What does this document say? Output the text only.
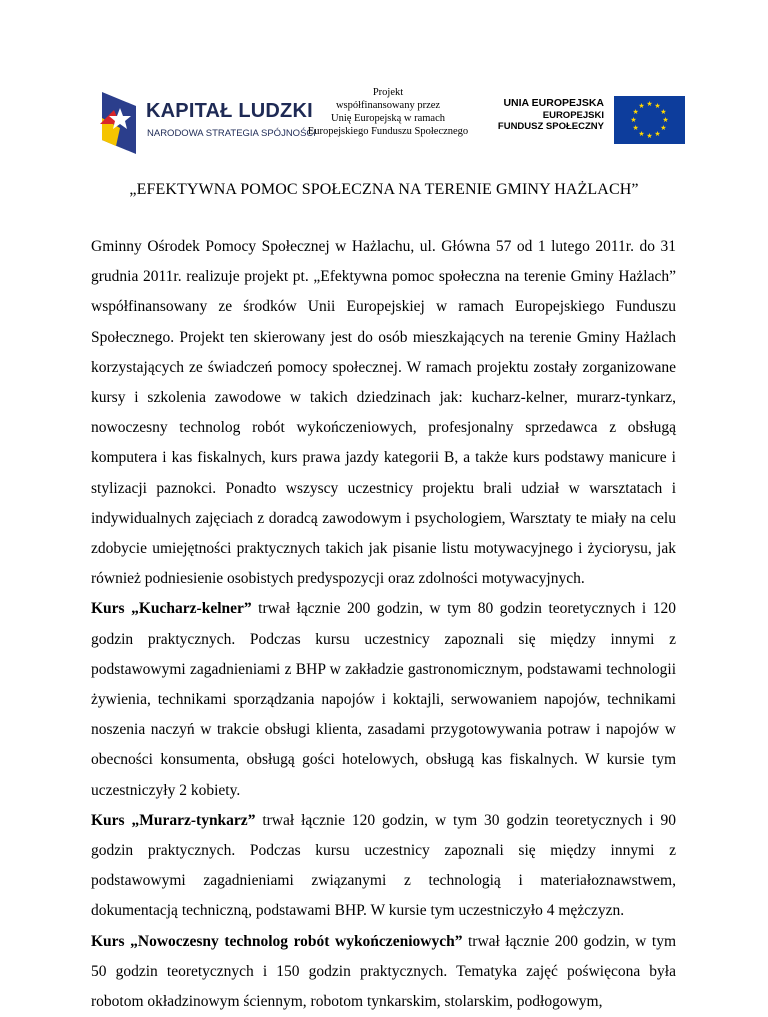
KAPITAŁ LUDZKI
NARODOWA STRATEGIA SPÓJNOŚCI
Projekt
współfinansowany przez
Unię Europejską w ramach
Europejskiego Funduszu Społecznego
UNIA EUROPEJSKA
EUROPEJSKI
FUNDUSZ SPOŁECZNY
★ ★
★
★
★
★
★
★
★
★
★
★
„EFEKTYWNA POMOC SPOŁECZNA NA TERENIE GMINY HAŻLACH”

Gminny Ośrodek Pomocy Społecznej w Hażlachu, ul. Główna 57 od 1 lutego 2011r. do 31 grudnia 2011r. realizuje projekt pt. „Efektywna pomoc społeczna na terenie Gminy Hażlach” współfinansowany ze środków Unii Europejskiej w ramach Europejskiego Funduszu Społecznego. Projekt ten skierowany jest do osób mieszkających na terenie Gminy Hażlach korzystających ze świadczeń pomocy społecznej. W ramach projektu zostały zorganizowane kursy i szkolenia zawodowe w takich dziedzinach jak: kucharz-kelner, murarz-tynkarz, nowoczesny technolog robót wykończeniowych, profesjonalny sprzedawca z obsługą komputera i kas fiskalnych, kurs prawa jazdy kategorii B, a także kurs podstawy manicure i stylizacji paznokci. Ponadto wszyscy uczestnicy projektu brali udział w warsztatach i indywidualnych zajęciach z doradcą zawodowym i psychologiem, Warsztaty te miały na celu zdobycie umiejętności praktycznych takich jak pisanie listu motywacyjnego i życiorysu, jak również podniesienie osobistych predyspozycji oraz zdolności motywacyjnych.

Kurs „Kucharz-kelner” trwał łącznie 200 godzin, w tym 80 godzin teoretycznych i 120 godzin praktycznych. Podczas kursu uczestnicy zapoznali się między innymi z podstawowymi zagadnieniami z BHP w zakładzie gastronomicznym, podstawami technologii żywienia, technikami sporządzania napojów i koktajli, serwowaniem napojów, technikami noszenia naczyń w trakcie obsługi klienta, zasadami przygotowywania potraw i napojów w obecności konsumenta, obsługą gości hotelowych, obsługą kas fiskalnych. W kursie tym uczestniczyły 2 kobiety.

Kurs „Murarz-tynkarz” trwał łącznie 120 godzin, w tym 30 godzin teoretycznych i 90 godzin praktycznych. Podczas kursu uczestnicy zapoznali się między innymi z podstawowymi zagadnieniami związanymi z technologią i materiałoznawstwem, dokumentacją techniczną, podstawami BHP. W kursie tym uczestniczyło 4 mężczyzn.

Kurs „Nowoczesny technolog robót wykończeniowych” trwał łącznie 200 godzin, w tym 50 godzin teoretycznych i 150 godzin praktycznych. Tematyka zajęć poświęcona była robotom okładzinowym ściennym, robotom tynkarskim, stolarskim, podłogowym,
